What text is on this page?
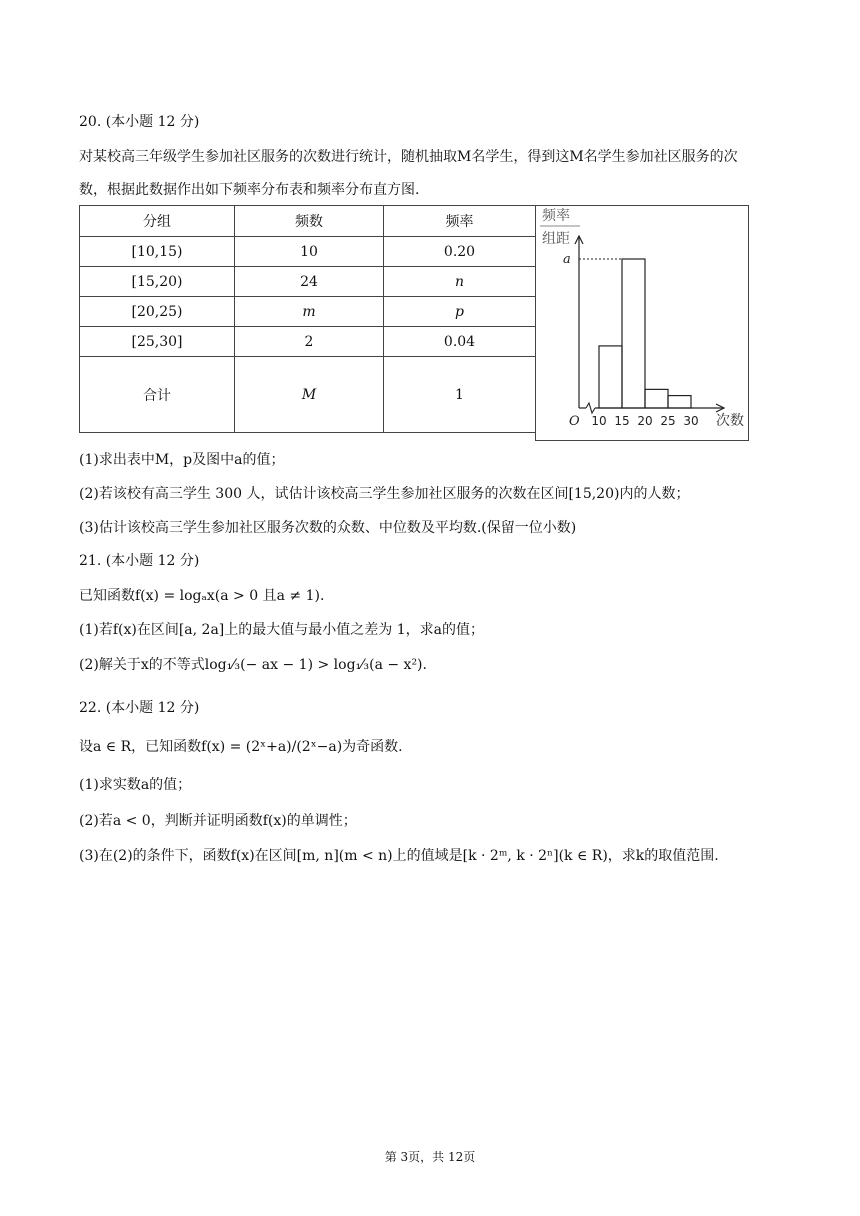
20. (本小题 12 分)
对某校高三年级学生参加社区服务的次数进行统计，随机抽取M名学生，得到这M名学生参加社区服务的次
数，根据此数据作出如下频率分布表和频率分布直方图.
分组	频数	频率
[10,15)	10	0.20
[15,20)	24	n
[20,25)	m	p
[25,30]	2	0.04
合计	M	1
频率
组距
a
O 10 15 20 25 30 次数
(1)求出表中M，p及图中a的值；
(2)若该校有高三学生 300 人，试估计该校高三学生参加社区服务的次数在区间[15,20)内的人数；
(3)估计该校高三学生参加社区服务次数的众数、中位数及平均数.(保留一位小数)
21. (本小题 12 分)
已知函数f(x) = logₐx(a > 0 且a ≠ 1).
(1)若f(x)在区间[a, 2a]上的最大值与最小值之差为 1，求a的值；
(2)解关于x的不等式log₁⁄₃(− ax − 1) > log₁⁄₃(a − x²).
22. (本小题 12 分)
设a ∈ R，已知函数f(x) = (2ˣ+a)/(2ˣ−a)为奇函数.
(1)求实数a的值；
(2)若a < 0，判断并证明函数f(x)的单调性；
(3)在(2)的条件下，函数f(x)在区间[m, n](m < n)上的值域是[k · 2ᵐ, k · 2ⁿ](k ∈ R)，求k的取值范围.
第 3页，共 12页
